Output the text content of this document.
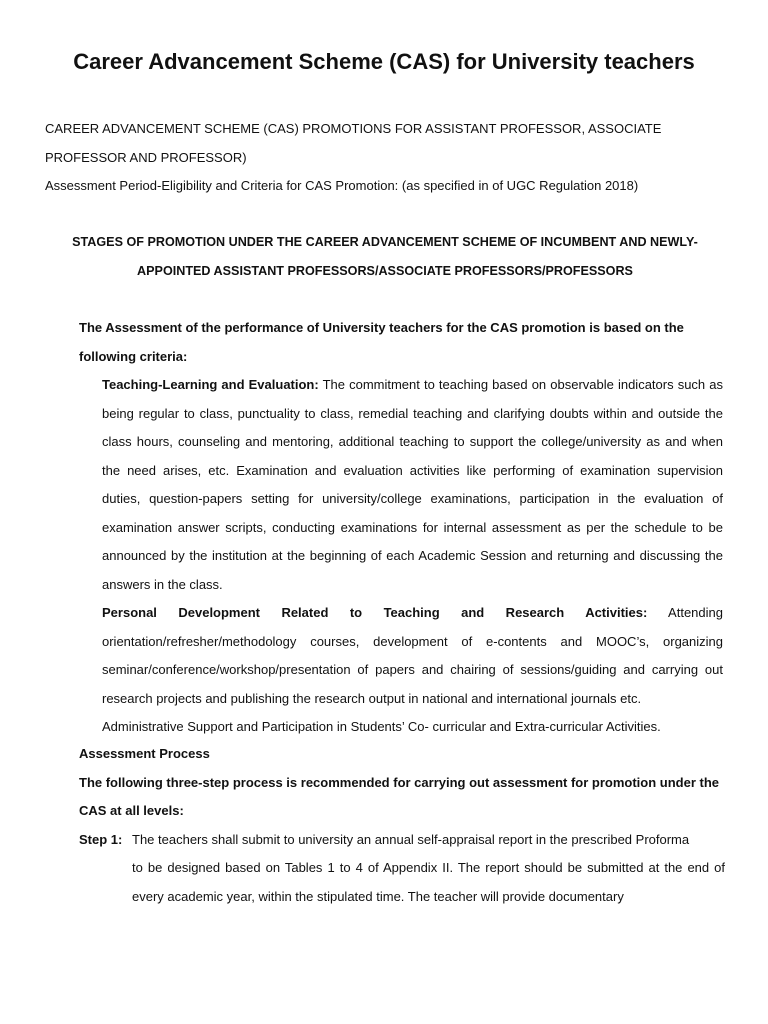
Career Advancement Scheme (CAS) for University teachers
CAREER ADVANCEMENT SCHEME (CAS) PROMOTIONS FOR ASSISTANT PROFESSOR, ASSOCIATE PROFESSOR AND PROFESSOR)
Assessment Period-Eligibility and Criteria for CAS Promotion: (as specified in of UGC Regulation 2018)
STAGES OF PROMOTION UNDER THE CAREER ADVANCEMENT SCHEME OF INCUMBENT AND NEWLY-APPOINTED ASSISTANT PROFESSORS/ASSOCIATE PROFESSORS/PROFESSORS
The Assessment of the performance of University teachers for the CAS promotion is based on the following criteria:

Teaching-Learning and Evaluation: The commitment to teaching based on observable indicators such as being regular to class, punctuality to class, remedial teaching and clarifying doubts within and outside the class hours, counseling and mentoring, additional teaching to support the college/university as and when the need arises, etc. Examination and evaluation activities like performing of examination supervision duties, question-papers setting for university/college examinations, participation in the evaluation of examination answer scripts, conducting examinations for internal assessment as per the schedule to be announced by the institution at the beginning of each Academic Session and returning and discussing the answers in the class.

Personal Development Related to Teaching and Research Activities: Attending orientation/refresher/methodology courses, development of e-contents and MOOC’s, organizing seminar/conference/workshop/presentation of papers and chairing of sessions/guiding and carrying out research projects and publishing the research output in national and international journals etc.

Administrative Support and Participation in Students’ Co- curricular and Extra-curricular Activities.

Assessment Process
The following three-step process is recommended for carrying out assessment for promotion under the CAS at all levels:
Step 1: The teachers shall submit to university an annual self-appraisal report in the prescribed Proforma
to be designed based on Tables 1 to 4 of Appendix II. The report should be submitted at the end of every academic year, within the stipulated time. The teacher will provide documentary
